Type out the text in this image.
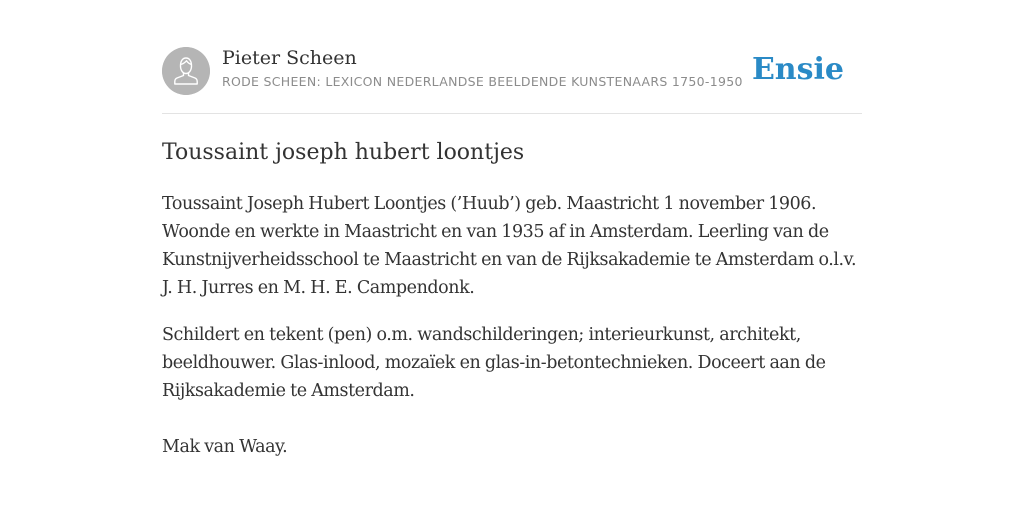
Pieter Scheen
RODE SCHEEN: LEXICON NEDERLANDSE BEELDENDE KUNSTENAARS 1750-1950 Ensie
Toussaint joseph hubert loontjes

Toussaint Joseph Hubert Loontjes (’Huub’) geb. Maastricht 1 november 1906. Woonde en werkte in Maastricht en van 1935 af in Amsterdam. Leerling van de Kunstnijverheidsschool te Maastricht en van de Rijksakademie te Amsterdam o.l.v. J. H. Jurres en M. H. E. Campendonk.

Schildert en tekent (pen) o.m. wandschilderingen; interieurkunst, architekt, beeldhouwer. Glas-inlood, mozaïek en glas-in-betontechnieken. Doceert aan de Rijksakademie te Amsterdam.

Mak van Waay.
